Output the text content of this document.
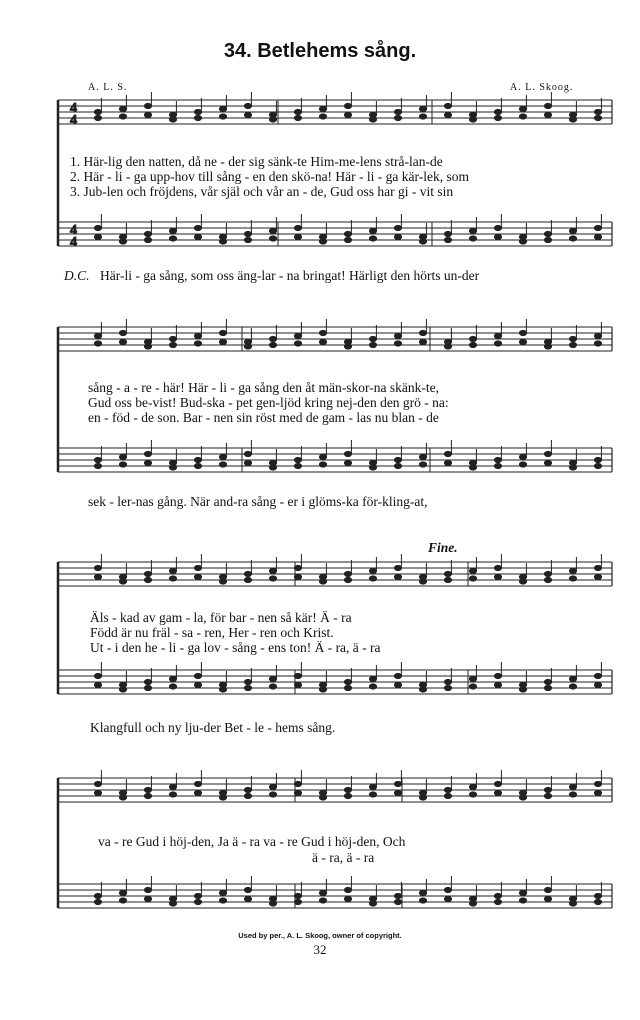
34. Betlehems sång.
A. L. S.	A. L. Skoog.
4
4
4
4
1. Här-lig den natten, då ne - der sig sänk-te Him-me-lens strå-lan-de
2. Här - li - ga upp-hov till sång - en den skö-na! Här - li - ga kär-lek, som
3. Jub-len och fröjdens, vår själ och vår an - de, Gud oss har gi - vit sin
D.C. Här-li - ga sång, som oss äng-lar - na bringat! Härligt den hörts un-der
sång - a - re - här! Här - li - ga sång den åt män-skor-na skänk-te,
Gud oss be-vist! Bud-ska - pet gen-ljöd kring nej-den den grö - na:
en - föd - de son. Bar - nen sin röst med de gam - las nu blan - de
sek - ler-nas gång. När and-ra sång - er i glöms-ka för-kling-at,
Fine.
Äls - kad av gam - la, för bar - nen så kär! Ä - ra
Född är nu fräl - sa - ren, Her - ren och Krist.
Ut - i den he - li - ga lov - sång - ens ton! Ä - ra, ä - ra
Klangfull och ny lju-der Bet - le - hems sång.
va - re Gud i höj-den, Ja ä - ra va - re Gud i höj-den, Och
ä - ra, ä - ra
Used by per., A. L. Skoog, owner of copyright.
32
